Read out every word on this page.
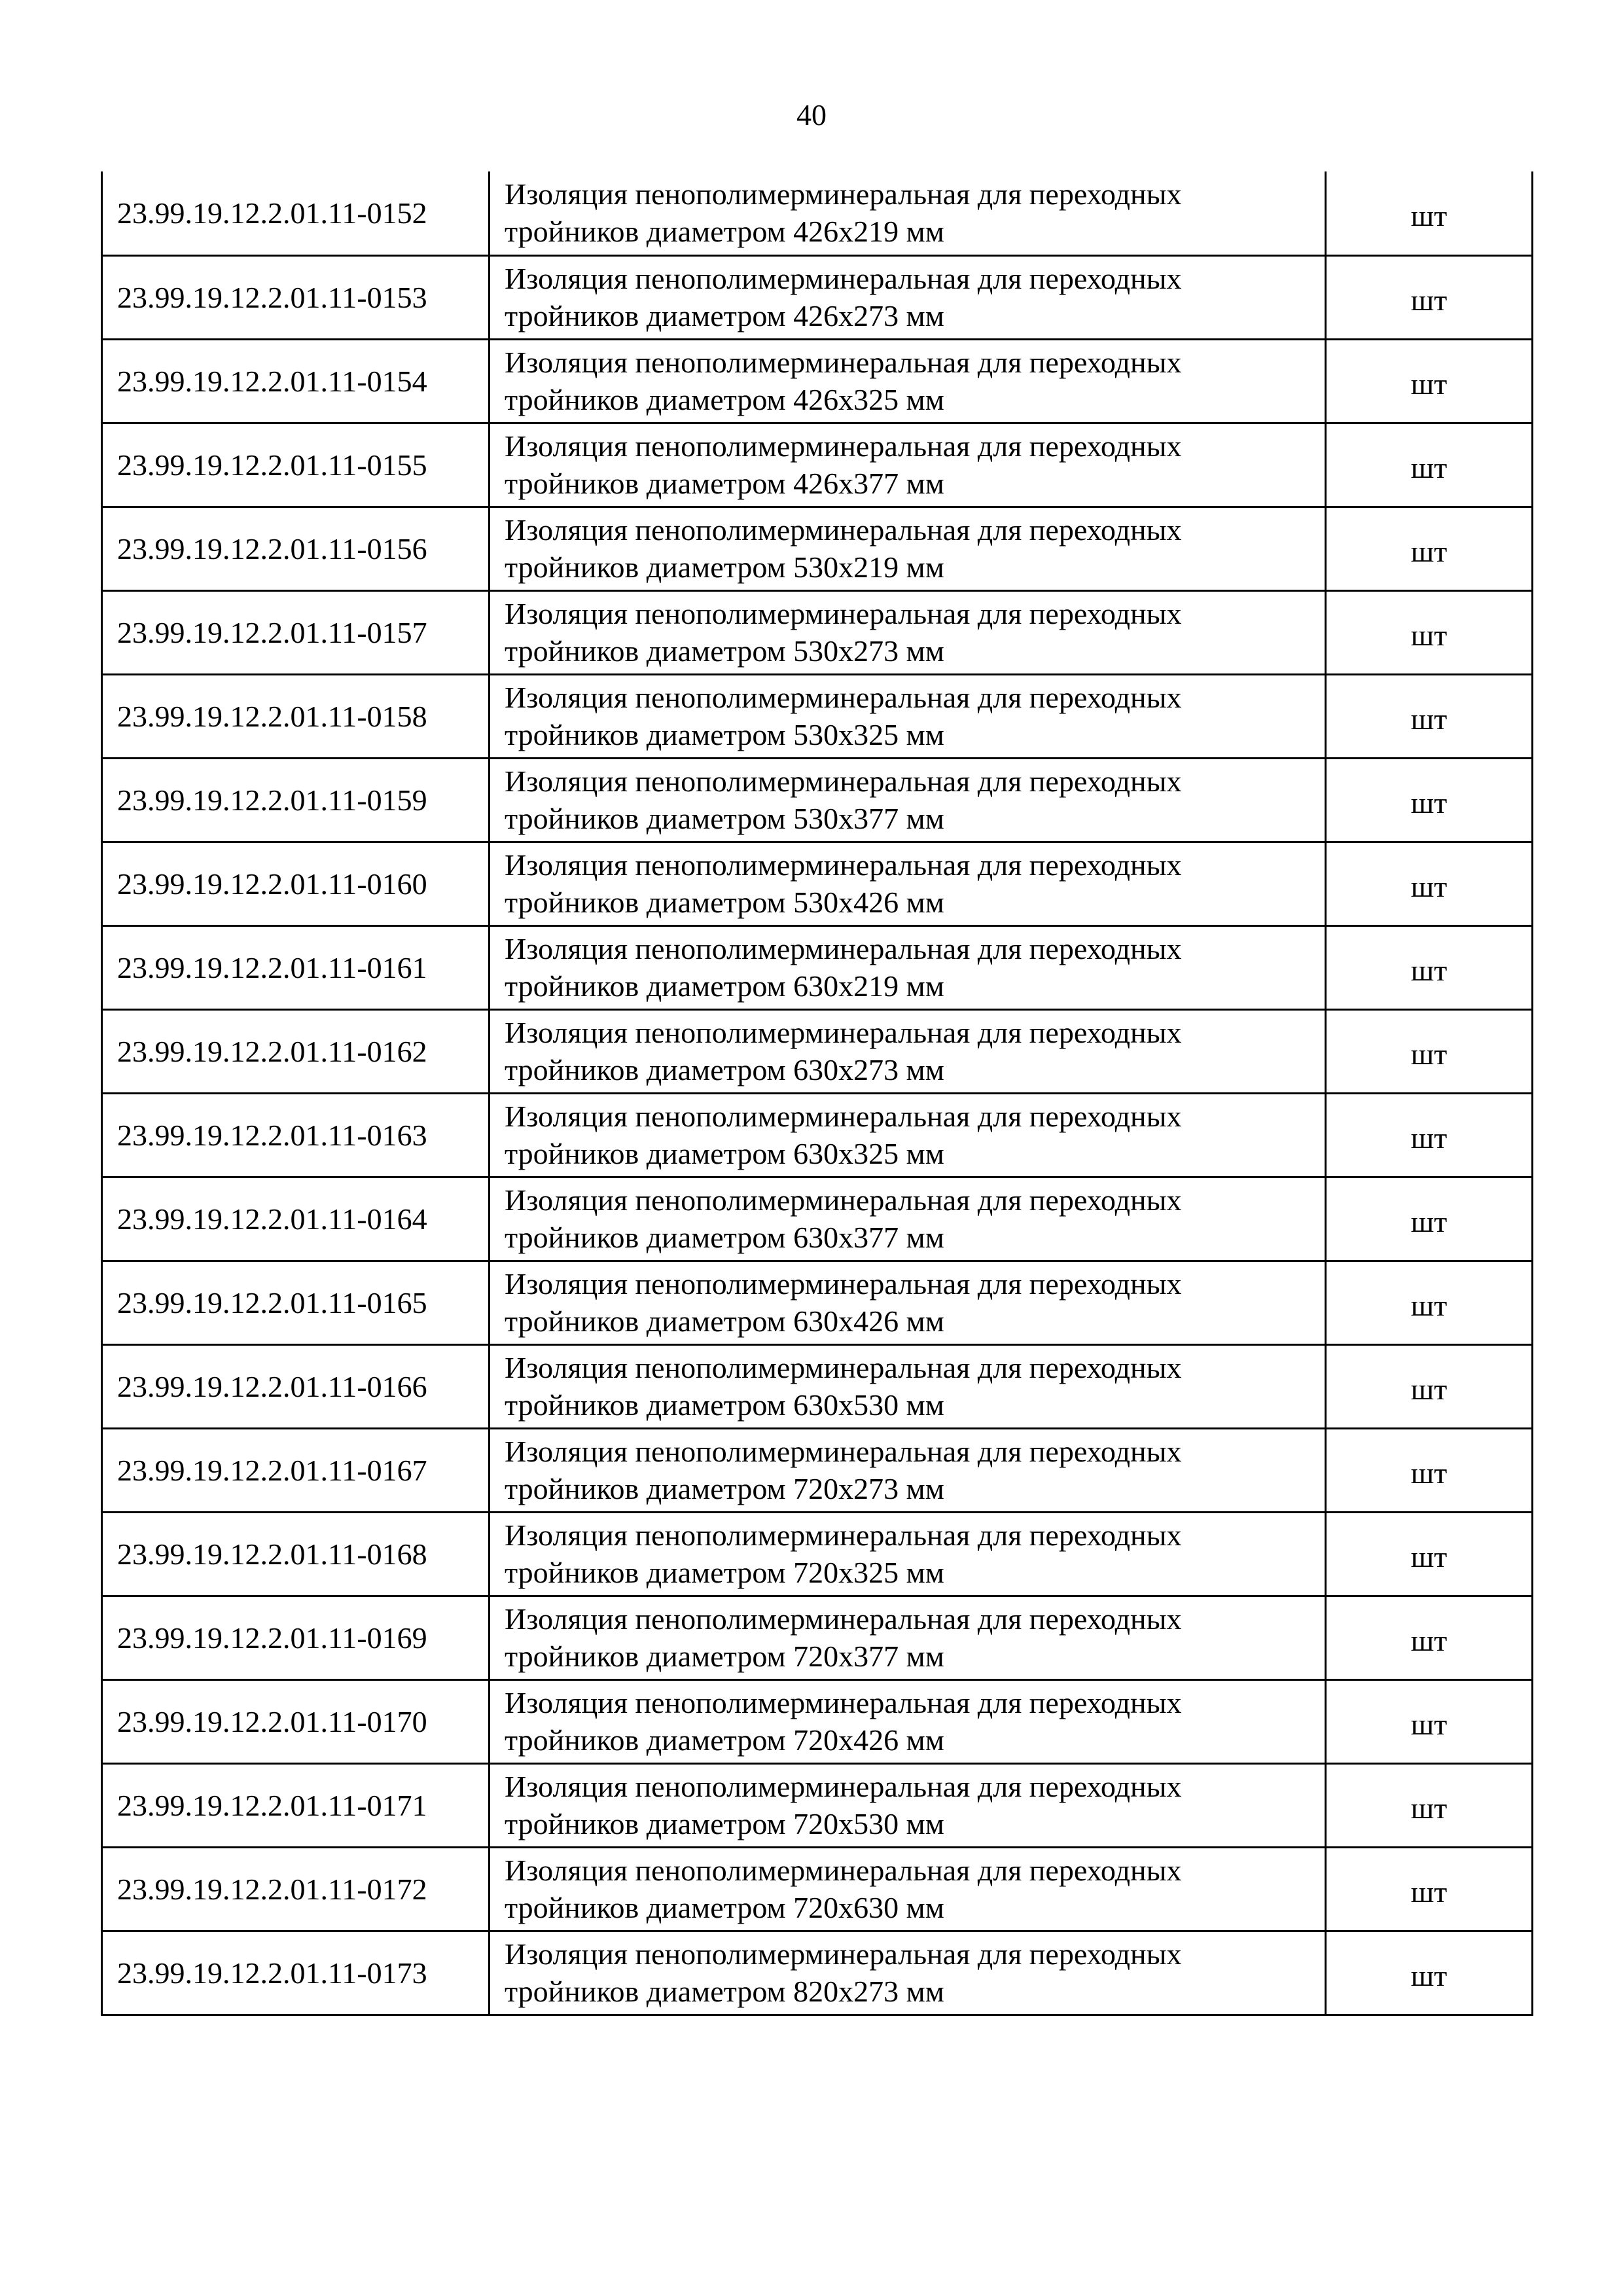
40
23.99.19.12.2.01.11-0152	Изоляция пенополимерминеральная для переходных
тройников диаметром 426x219 мм	шт
23.99.19.12.2.01.11-0153	Изоляция пенополимерминеральная для переходных
тройников диаметром 426x273 мм	шт
23.99.19.12.2.01.11-0154	Изоляция пенополимерминеральная для переходных
тройников диаметром 426x325 мм	шт
23.99.19.12.2.01.11-0155	Изоляция пенополимерминеральная для переходных
тройников диаметром 426x377 мм	шт
23.99.19.12.2.01.11-0156	Изоляция пенополимерминеральная для переходных
тройников диаметром 530x219 мм	шт
23.99.19.12.2.01.11-0157	Изоляция пенополимерминеральная для переходных
тройников диаметром 530x273 мм	шт
23.99.19.12.2.01.11-0158	Изоляция пенополимерминеральная для переходных
тройников диаметром 530x325 мм	шт
23.99.19.12.2.01.11-0159	Изоляция пенополимерминеральная для переходных
тройников диаметром 530x377 мм	шт
23.99.19.12.2.01.11-0160	Изоляция пенополимерминеральная для переходных
тройников диаметром 530x426 мм	шт
23.99.19.12.2.01.11-0161	Изоляция пенополимерминеральная для переходных
тройников диаметром 630x219 мм	шт
23.99.19.12.2.01.11-0162	Изоляция пенополимерминеральная для переходных
тройников диаметром 630x273 мм	шт
23.99.19.12.2.01.11-0163	Изоляция пенополимерминеральная для переходных
тройников диаметром 630x325 мм	шт
23.99.19.12.2.01.11-0164	Изоляция пенополимерминеральная для переходных
тройников диаметром 630x377 мм	шт
23.99.19.12.2.01.11-0165	Изоляция пенополимерминеральная для переходных
тройников диаметром 630x426 мм	шт
23.99.19.12.2.01.11-0166	Изоляция пенополимерминеральная для переходных
тройников диаметром 630x530 мм	шт
23.99.19.12.2.01.11-0167	Изоляция пенополимерминеральная для переходных
тройников диаметром 720x273 мм	шт
23.99.19.12.2.01.11-0168	Изоляция пенополимерминеральная для переходных
тройников диаметром 720x325 мм	шт
23.99.19.12.2.01.11-0169	Изоляция пенополимерминеральная для переходных
тройников диаметром 720x377 мм	шт
23.99.19.12.2.01.11-0170	Изоляция пенополимерминеральная для переходных
тройников диаметром 720x426 мм	шт
23.99.19.12.2.01.11-0171	Изоляция пенополимерминеральная для переходных
тройников диаметром 720x530 мм	шт
23.99.19.12.2.01.11-0172	Изоляция пенополимерминеральная для переходных
тройников диаметром 720x630 мм	шт
23.99.19.12.2.01.11-0173	Изоляция пенополимерминеральная для переходных
тройников диаметром 820x273 мм	шт
